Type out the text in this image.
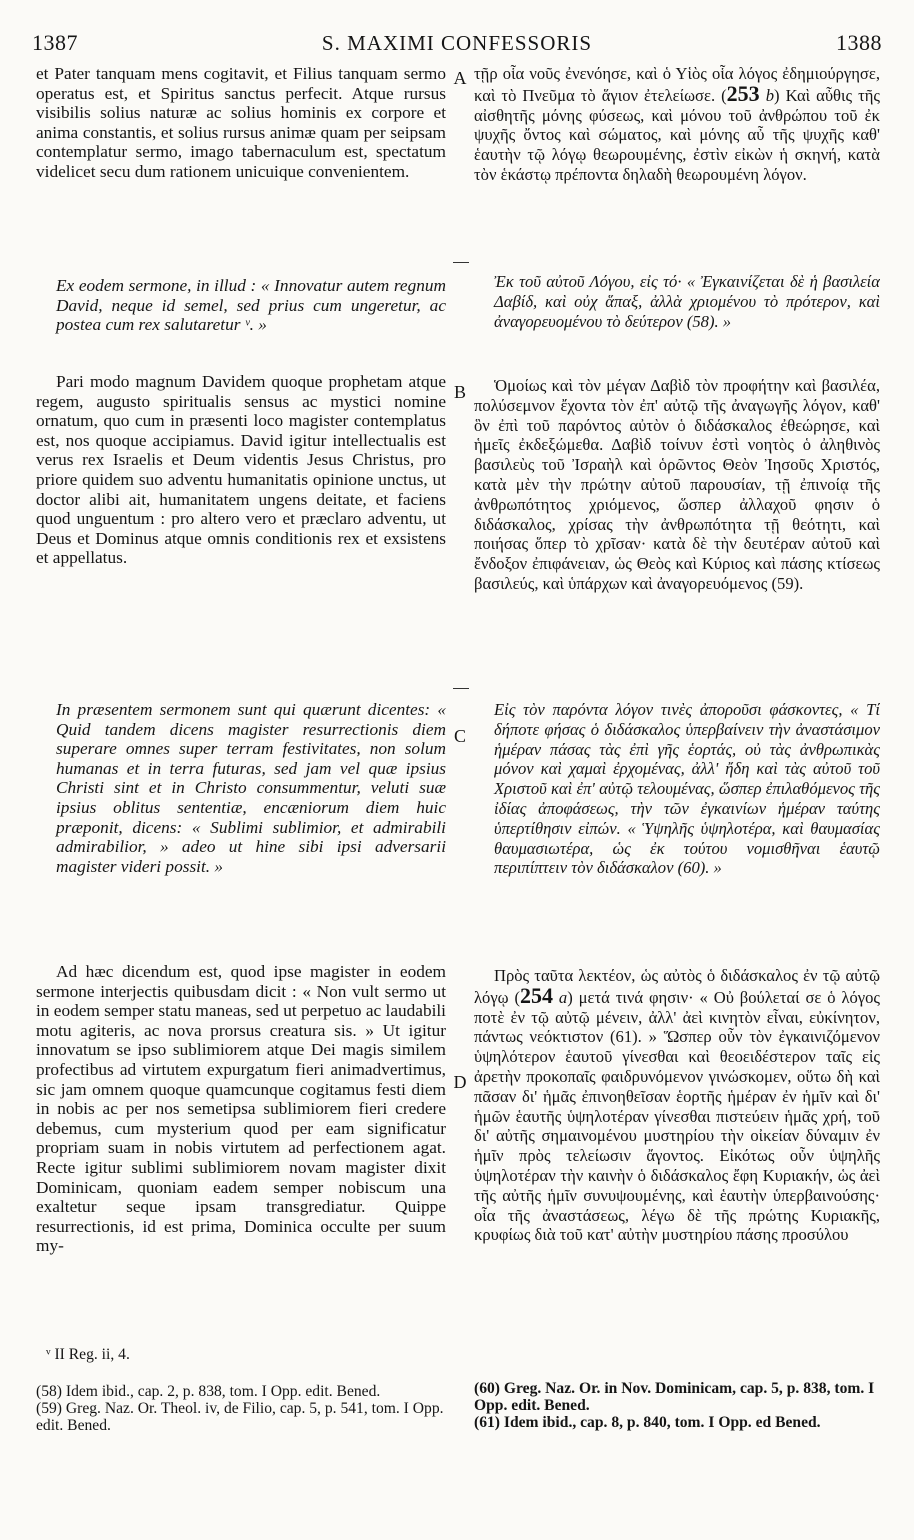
1387	S. MAXIMI CONFESSORIS	1388
A
B
C
D

et Pater tanquam mens cogitavit, et Filius tanquam sermo operatus est, et Spiritus sanctus perfecit. Atque rursus visibilis solius naturæ ac solius hominis ex corpore et anima constantis, et solius rursus animæ quam per seipsam contemplatur sermo, imago tabernaculum est, spectatum videlicet secu dum rationem unicuique convenientem.

Ex eodem sermone, in illud : « Innovatur autem regnum David, neque id semel, sed prius cum ungeretur, ac postea cum rex salutaretur ᵛ. »

Pari modo magnum Davidem quoque prophetam atque regem, augusto spiritualis sensus ac mystici nomine ornatum, quo cum in præsenti loco magister contemplatus est, nos quoque accipiamus. David igitur intellectualis est verus rex Israelis et Deum videntis Jesus Christus, pro priore quidem suo adventu humanitatis opinione unctus, ut doctor alibi ait, humanitatem ungens deitate, et faciens quod unguentum : pro altero vero et præclaro adventu, ut Deus et Dominus atque omnis conditionis rex et exsistens et appellatus.

In præsentem sermonem sunt qui quærunt dicentes: « Quid tandem dicens magister resurrectionis diem superare omnes super terram festivitates, non solum humanas et in terra futuras, sed jam vel quæ ipsius Christi sint et in Christo consummentur, veluti suæ ipsius oblitus sententiæ, encæniorum diem huic præponit, dicens: « Sublimi sublimior, et admirabili admirabilior, » adeo ut hine sibi ipsi adversarii magister videri possit. »

Ad hæc dicendum est, quod ipse magister in eodem sermone interjectis quibusdam dicit : « Non vult sermo ut in eodem semper statu maneas, sed ut perpetuo ac laudabili motu agiteris, ac nova prorsus creatura sis. » Ut igitur innovatum se ipso sublimiorem atque Dei magis similem profectibus ad virtutem expurgatum fieri animadvertimus, sic jam omnem quoque quamcunque cogitamus festi diem in nobis ac per nos semetipsa sublimiorem fieri credere debemus, cum mysterium quod per eam significatur propriam suam in nobis virtutem ad perfectionem agat. Recte igitur sublimi sublimiorem novam magister dixit Dominicam, quoniam eadem semper nobiscum una exaltetur seque ipsam transgrediatur. Quippe resurrectionis, id est prima, Dominica occulte per suum my-

τῇρ οἷα νοῦς ἐνενόησε, καὶ ὁ Υἱὸς οἷα λόγος ἐδημιούργησε, καὶ τὸ Πνεῦμα τὸ ἅγιον ἐτελείωσε. (253 b) Καὶ αὖθις τῆς αἰσθητῆς μόνης φύσεως, καὶ μόνου τοῦ ἀνθρώπου τοῦ ἐκ ψυχῆς ὄντος καὶ σώματος, καὶ μόνης αὖ τῆς ψυχῆς καθ' ἑαυτὴν τῷ λόγῳ θεωρουμένης, ἐστὶν εἰκὼν ἡ σκηνή, κατὰ τὸν ἑκάστῳ πρέποντα δηλαδὴ θεωρουμένη λόγον.

Ἐκ τοῦ αὐτοῦ Λόγου, εἰς τό· « Ἐγκαινίζεται δὲ ἡ βασιλεία Δαβίδ, καὶ οὐχ ἅπαξ, ἀλλὰ χριομένου τὸ πρότερον, καὶ ἀναγορευομένου τὸ δεύτερον (58). »

Ὁμοίως καὶ τὸν μέγαν Δαβὶδ τὸν προφήτην καὶ βασιλέα, πολύσεμνον ἔχοντα τὸν ἐπ' αὐτῷ τῆς ἀναγωγῆς λόγον, καθ' ὃν ἐπὶ τοῦ παρόντος αὐτὸν ὁ διδάσκαλος ἐθεώρησε, καὶ ἡμεῖς ἐκδεξώμεθα. Δαβὶδ τοίνυν ἐστὶ νοητὸς ὁ ἀληθινὸς βασιλεὺς τοῦ Ἰσραὴλ καὶ ὁρῶντος Θεὸν Ἰησοῦς Χριστός, κατὰ μὲν τὴν πρώτην αὐτοῦ παρουσίαν, τῇ ἐπινοίᾳ τῆς ἀνθρωπότητος χριόμενος, ὥσπερ ἀλλαχοῦ φησιν ὁ διδάσκαλος, χρίσας τὴν ἀνθρωπότητα τῇ θεότητι, καὶ ποιήσας ὅπερ τὸ χρῖσαν· κατὰ δὲ τὴν δευτέραν αὐτοῦ καὶ ἔνδοξον ἐπιφάνειαν, ὡς Θεὸς καὶ Κύριος καὶ πάσης κτίσεως βασιλεύς, καὶ ὑπάρχων καὶ ἀναγορευόμενος (59).

Εἰς τὸν παρόντα λόγον τινὲς ἀποροῦσι φάσκοντες, « Τί δήποτε φήσας ὁ διδάσκαλος ὑπερβαίνειν τὴν ἀναστάσιμον ἡμέραν πάσας τὰς ἐπὶ γῆς ἑορτάς, οὐ τὰς ἀνθρωπικὰς μόνον καὶ χαμαὶ ἐρχομένας, ἀλλ' ἤδη καὶ τὰς αὐτοῦ τοῦ Χριστοῦ καὶ ἐπ' αὐτῷ τελουμένας, ὥσπερ ἐπιλαθόμενος τῆς ἰδίας ἀποφάσεως, τὴν τῶν ἐγκαινίων ἡμέραν ταύτης ὑπερτίθησιν εἰπών. « Ὑψηλῆς ὑψηλοτέρα, καὶ θαυμασίας θαυμασιωτέρα, ὡς ἐκ τούτου νομισθῆναι ἑαυτῷ περιπίπτειν τὸν διδάσκαλον (60). »

Πρὸς ταῦτα λεκτέον, ὡς αὐτὸς ὁ διδάσκαλος ἐν τῷ αὐτῷ λόγῳ (254 a) μετά τινά φησιν· « Οὐ βούλεταί σε ὁ λόγος ποτὲ ἐν τῷ αὐτῷ μένειν, ἀλλ' ἀεὶ κινητὸν εἶναι, εὐκίνητον, πάντως νεόκτιστον (61). » Ὥσπερ οὖν τὸν ἐγκαινιζόμενον ὑψηλότερον ἑαυτοῦ γίνεσθαι καὶ θεοειδέστερον ταῖς εἰς ἀρετὴν προκοπαῖς φαιδρυνόμενον γινώσκομεν, οὕτω δὴ καὶ πᾶσαν δι' ἡμᾶς ἐπινοηθεῖσαν ἑορτῆς ἡμέραν ἐν ἡμῖν καὶ δι' ἡμῶν ἑαυτῆς ὑψηλοτέραν γίνεσθαι πιστεύειν ἡμᾶς χρή, τοῦ δι' αὐτῆς σημαινομένου μυστηρίου τὴν οἰκείαν δύναμιν ἐν ἡμῖν πρὸς τελείωσιν ἄγοντος. Εἰκότως οὖν ὑψηλῆς ὑψηλοτέραν τὴν καινὴν ὁ διδάσκαλος ἔφη Κυριακήν, ὡς ἀεὶ τῆς αὐτῆς ἡμῖν συνυψουμένης, καὶ ἑαυτὴν ὑπερβαινούσης· οἷα τῆς ἀναστάσεως, λέγω δὲ τῆς πρώτης Κυριακῆς, κρυφίως διὰ τοῦ κατ' αὐτὴν μυστηρίου πάσης προσύλου

ᵛ II Reg. ii, 4.
(58) Idem ibid., cap. 2, p. 838, tom. I Opp. edit. Bened.
(59) Greg. Naz. Or. Theol. iv, de Filio, cap. 5, p. 541, tom. I Opp. edit. Bened.
(60) Greg. Naz. Or. in Nov. Dominicam, cap. 5, p. 838, tom. I Opp. edit. Bened.
(61) Idem ibid., cap. 8, p. 840, tom. I Opp. ed Bened.
